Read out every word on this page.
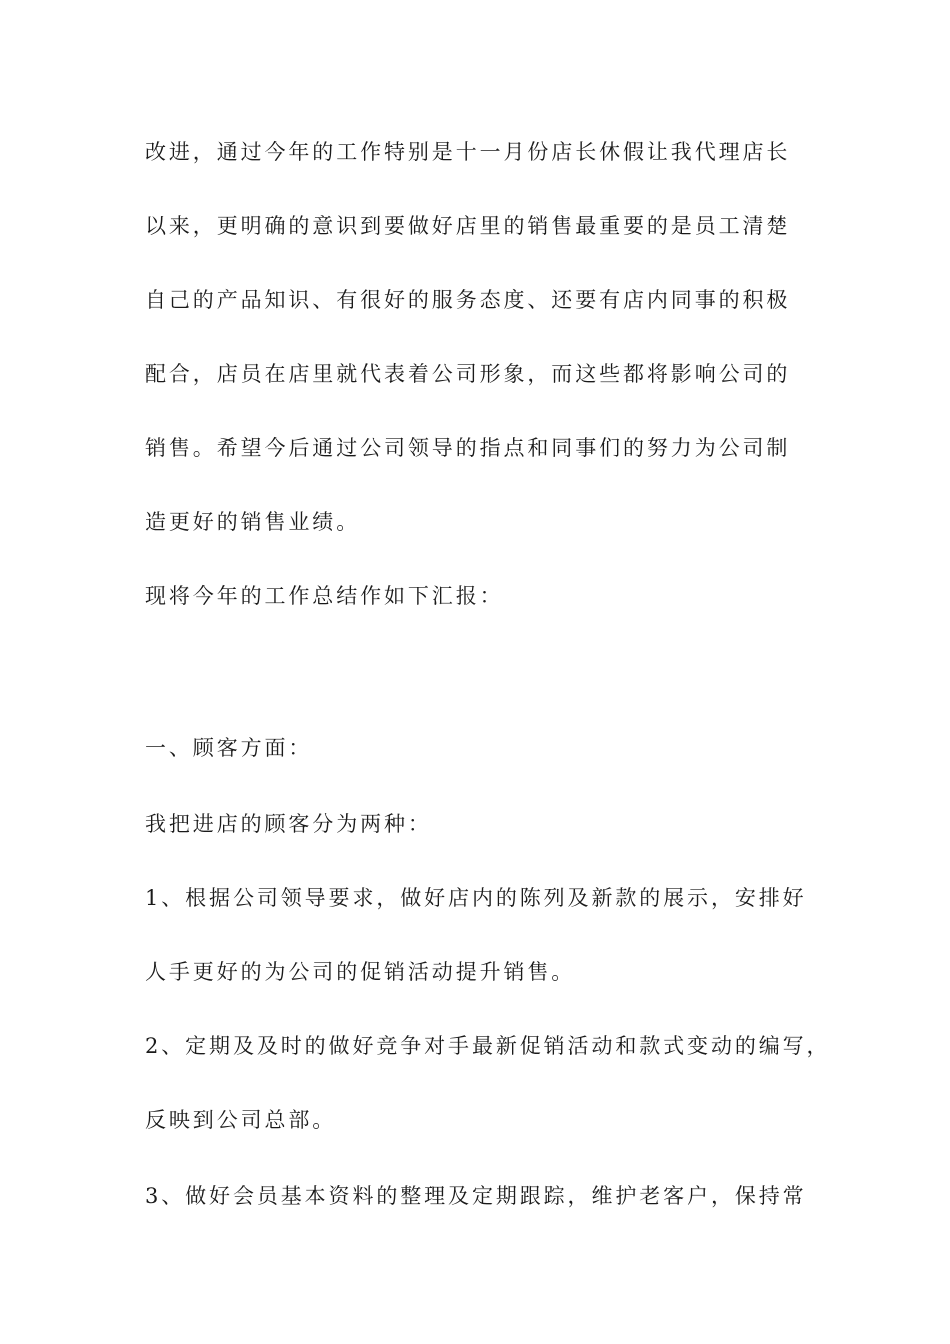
改进，通过今年的工作特别是十一月份店长休假让我代理店长
以来，更明确的意识到要做好店里的销售最重要的是员工清楚
自己的产品知识、有很好的服务态度、还要有店内同事的积极
配合，店员在店里就代表着公司形象，而这些都将影响公司的
销售。希望今后通过公司领导的指点和同事们的努力为公司制
造更好的销售业绩。
现将今年的工作总结作如下汇报：
一、顾客方面：
我把进店的顾客分为两种：
1、根据公司领导要求，做好店内的陈列及新款的展示，安排好
人手更好的为公司的促销活动提升销售。
2、定期及及时的做好竞争对手最新促销活动和款式变动的编写，
反映到公司总部。
3、做好会员基本资料的整理及定期跟踪，维护老客户，保持常
